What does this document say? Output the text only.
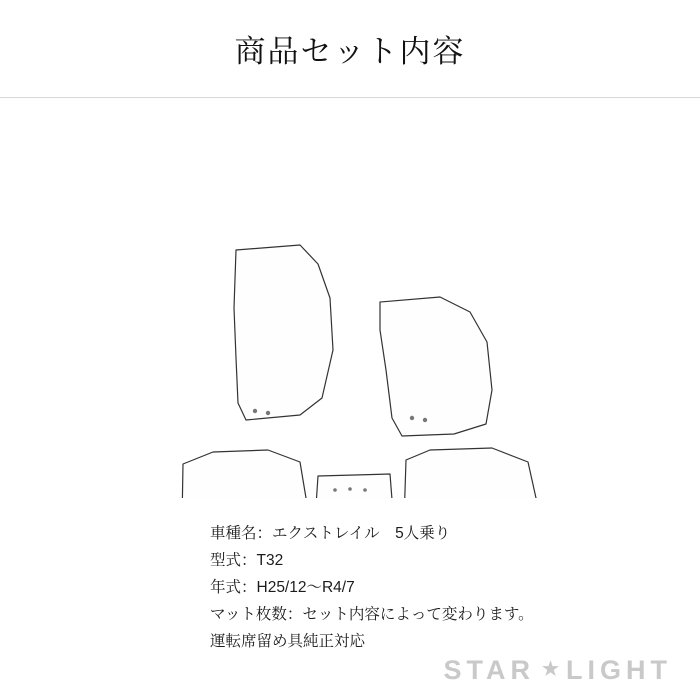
商品セット内容
車種名：エクストレイル　5人乗り
型式：T32
年式：H25/12〜R4/7
マット枚数：セット内容によって変わります。
運転席留め具純正対応
STAR ★ LIGHT
